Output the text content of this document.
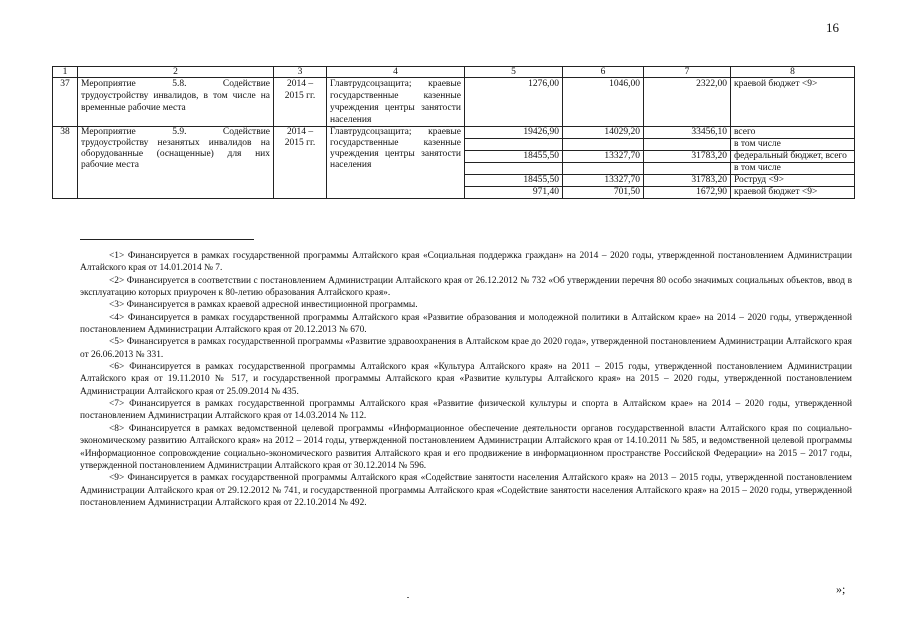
16
1	2	3	4	5	6	7	8
37	Мероприятие 5.8. Содействие трудоустройству инвалидов, в том числе на временные рабочие места	2014 – 2015 гг.	Главтрудсоцзащита; краевые государственные казенные учреждения центры занятости населения	1276,00	1046,00	2322,00	краевой бюджет <9>
38	Мероприятие 5.9. Содействие трудоустройству незанятых инвалидов на оборудованные (оснащенные) для них рабочие места	2014 – 2015 гг.	Главтрудсоцзащита; краевые государственные казенные учреждения центры занятости населения	19426,90	14029,20	33456,10	всего
							в том числе
				18455,50	13327,70	31783,20	федеральный бюджет, всего
							в том числе
				18455,50	13327,70	31783,20	Роструд <9>
				971,40	701,50	1672,90	краевой бюджет <9>
<1> Финансируется в рамках государственной программы Алтайского края «Социальная поддержка граждан» на 2014 – 2020 годы, утвержденной постановлением Администрации Алтайского края от 14.01.2014 № 7.
<2> Финансируется в соответствии с постановлением Администрации Алтайского края от 26.12.2012 № 732 «Об утверждении перечня 80 особо значимых социальных объектов, ввод в эксплуатацию которых приурочен к 80-летию образования Алтайского края».
<3> Финансируется в рамках краевой адресной инвестиционной программы.
<4> Финансируется в рамках государственной программы Алтайского края «Развитие образования и молодежной политики в Алтайском крае» на 2014 – 2020 годы, утвержденной постановлением Администрации Алтайского края от 20.12.2013 № 670.
<5> Финансируется в рамках государственной программы «Развитие здравоохранения в Алтайском крае до 2020 года», утвержденной постановлением Администрации Алтайского края от 26.06.2013 № 331.
<6> Финансируется в рамках государственной программы Алтайского края «Культура Алтайского края» на 2011 – 2015 годы, утвержденной постановлением Администрации Алтайского края от 19.11.2010 № 517, и государственной программы Алтайского края «Развитие культуры Алтайского края» на 2015 – 2020 годы, утвержденной постановлением Администрации Алтайского края от 25.09.2014 № 435.
<7> Финансируется в рамках государственной программы Алтайского края «Развитие физической культуры и спорта в Алтайском крае» на 2014 – 2020 годы, утвержденной постановлением Администрации Алтайского края от 14.03.2014 № 112.
<8> Финансируется в рамках ведомственной целевой программы «Информационное обеспечение деятельности органов государственной власти Алтайского края по социально-экономическому развитию Алтайского края» на 2012 – 2014 годы, утвержденной постановлением Администрации Алтайского края от 14.10.2011 № 585, и ведомственной целевой программы «Информационное сопровождение социально-экономического развития Алтайского края и его продвижение в информационном пространстве Российской Федерации» на 2015 – 2017 годы, утвержденной постановлением Администрации Алтайского края от 30.12.2014 № 596.
<9> Финансируется в рамках государственной программы Алтайского края «Содействие занятости населения Алтайского края» на 2013 – 2015 годы, утвержденной постановлением Администрации Алтайского края от 29.12.2012 № 741, и государственной программы Алтайского края «Содействие занятости населения Алтайского края» на 2015 – 2020 годы, утвержденной постановлением Администрации Алтайского края от 22.10.2014 № 492.
»;
